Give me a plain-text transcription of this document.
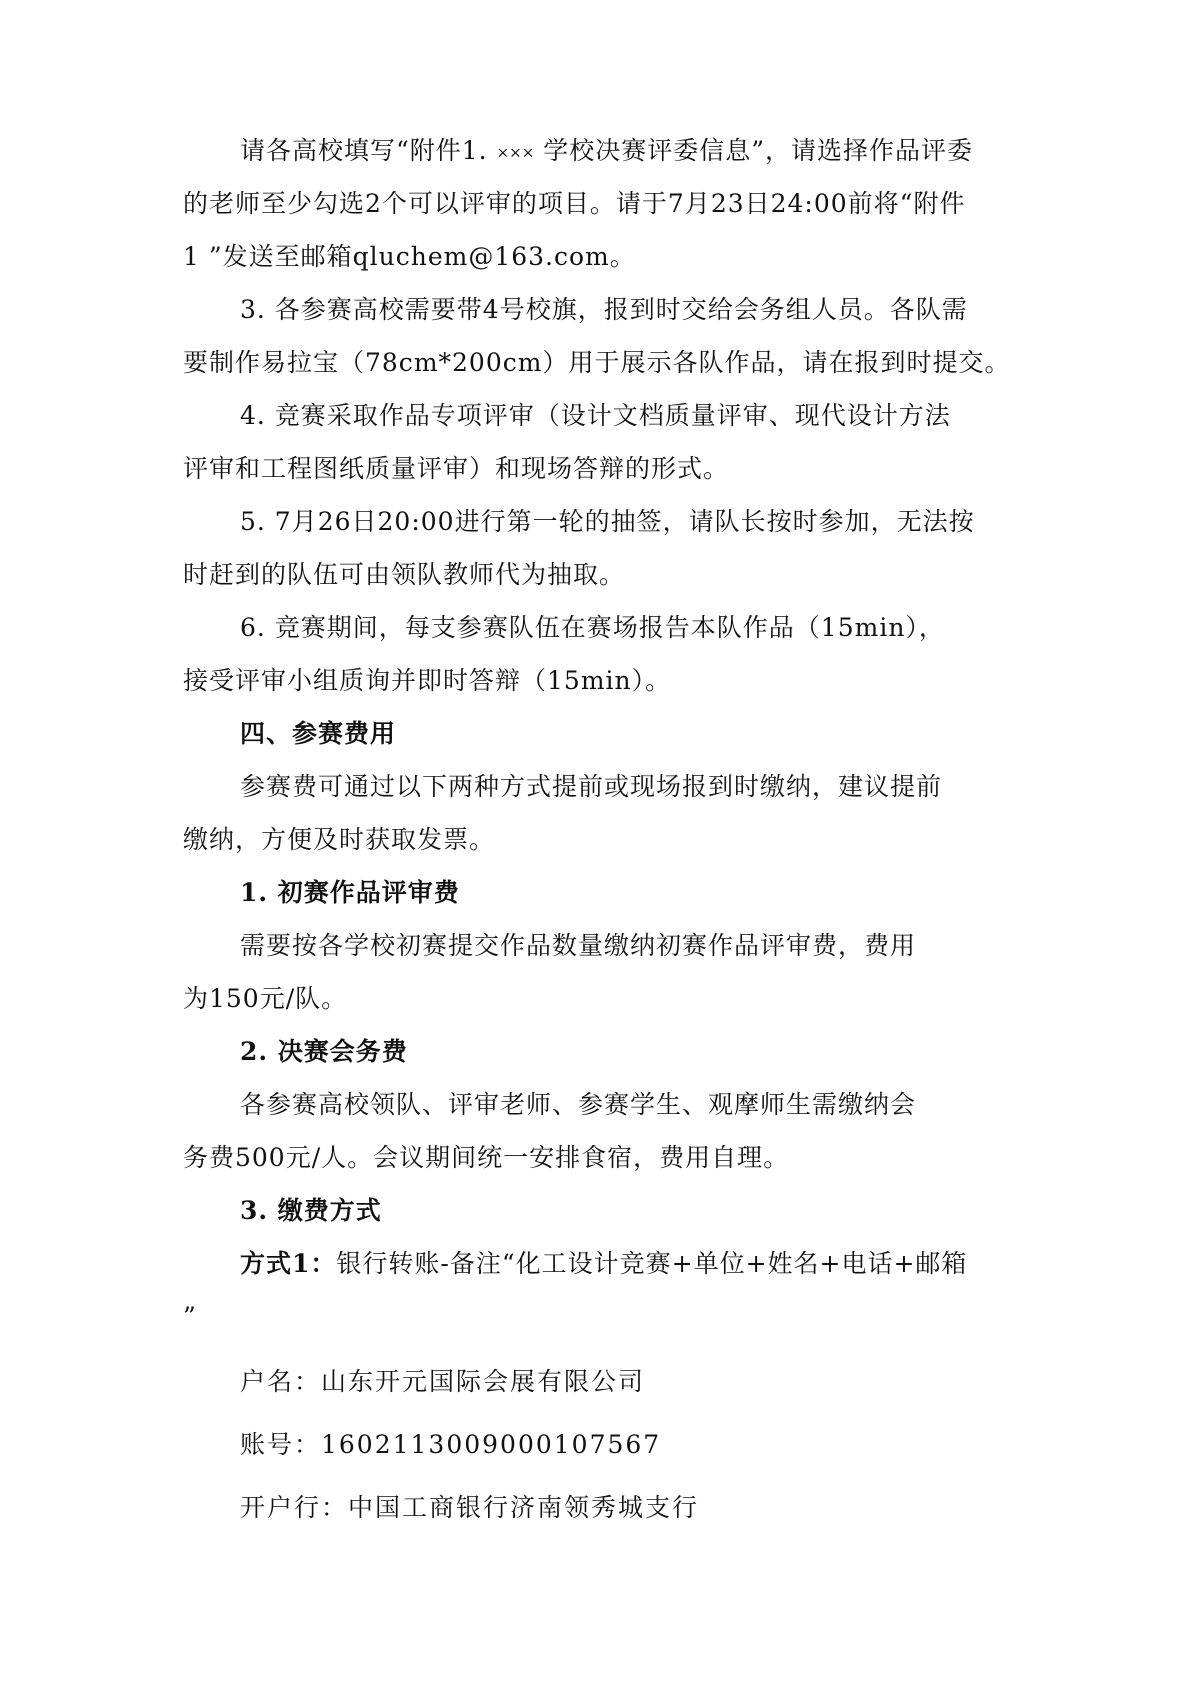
请各高校填写“附件1. ××× 学校决赛评委信息”，请选择作品评委
的老师至少勾选2个可以评审的项目。请于7月23日24:00前将“附件
1 ”发送至邮箱qluchem@163.com。
3. 各参赛高校需要带4号校旗，报到时交给会务组人员。各队需
要制作易拉宝（78cm*200cm）用于展示各队作品，请在报到时提交。
4. 竞赛采取作品专项评审（设计文档质量评审、现代设计方法
评审和工程图纸质量评审）和现场答辩的形式。
5. 7月26日20:00进行第一轮的抽签，请队长按时参加，无法按
时赶到的队伍可由领队教师代为抽取。
6. 竞赛期间，每支参赛队伍在赛场报告本队作品（15min），
接受评审小组质询并即时答辩（15min）。
四、参赛费用
参赛费可通过以下两种方式提前或现场报到时缴纳，建议提前
缴纳，方便及时获取发票。
1. 初赛作品评审费
需要按各学校初赛提交作品数量缴纳初赛作品评审费，费用
为150元/队。
2. 决赛会务费
各参赛高校领队、评审老师、参赛学生、观摩师生需缴纳会
务费500元/人。会议期间统一安排食宿，费用自理。
3. 缴费方式
方式1：银行转账-备注“化工设计竞赛+单位+姓名+电话+邮箱
”
户名：山东开元国际会展有限公司
账号：1602113009000107567
开户行：中国工商银行济南领秀城支行
